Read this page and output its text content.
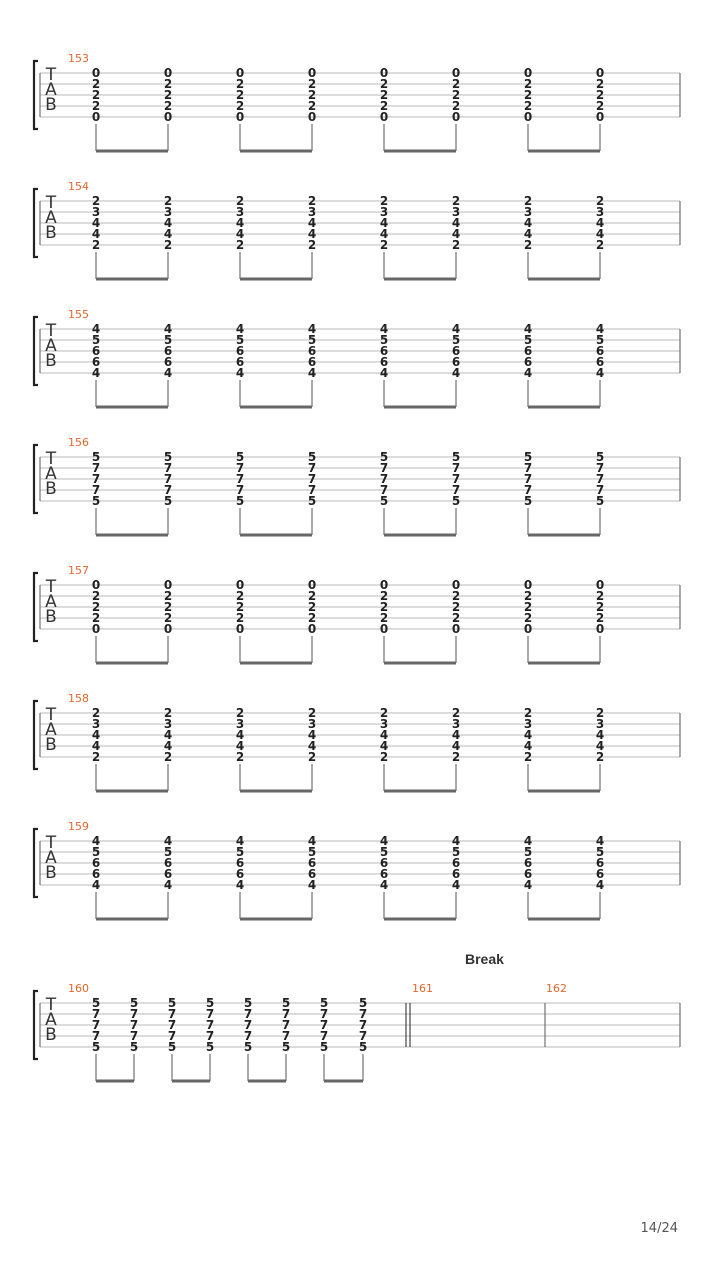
T
A
B
153
0
2
2
2
0
0
2
2
2
0
0
2
2
2
0
0
2
2
2
0
0
2
2
2
0
0
2
2
2
0
0
2
2
2
0
0
2
2
2
0
T
A
B
154
2
3
4
4
2
2
3
4
4
2
2
3
4
4
2
2
3
4
4
2
2
3
4
4
2
2
3
4
4
2
2
3
4
4
2
2
3
4
4
2
T
A
B
155
4
5
6
6
4
4
5
6
6
4
4
5
6
6
4
4
5
6
6
4
4
5
6
6
4
4
5
6
6
4
4
5
6
6
4
4
5
6
6
4
T
A
B
156
5
7
7
7
5
5
7
7
7
5
5
7
7
7
5
5
7
7
7
5
5
7
7
7
5
5
7
7
7
5
5
7
7
7
5
5
7
7
7
5
T
A
B
157
0
2
2
2
0
0
2
2
2
0
0
2
2
2
0
0
2
2
2
0
0
2
2
2
0
0
2
2
2
0
0
2
2
2
0
0
2
2
2
0
T
A
B
158
2
3
4
4
2
2
3
4
4
2
2
3
4
4
2
2
3
4
4
2
2
3
4
4
2
2
3
4
4
2
2
3
4
4
2
2
3
4
4
2
T
A
B
159
4
5
6
6
4
4
5
6
6
4
4
5
6
6
4
4
5
6
6
4
4
5
6
6
4
4
5
6
6
4
4
5
6
6
4
4
5
6
6
4
T
A
B
5
7
7
7
5
5
7
7
7
5
5
7
7
7
5
5
7
7
7
5
5
7
7
7
5
5
7
7
7
5
5
7
7
7
5
5
7
7
7
5
160	161	162
Break
14/24
